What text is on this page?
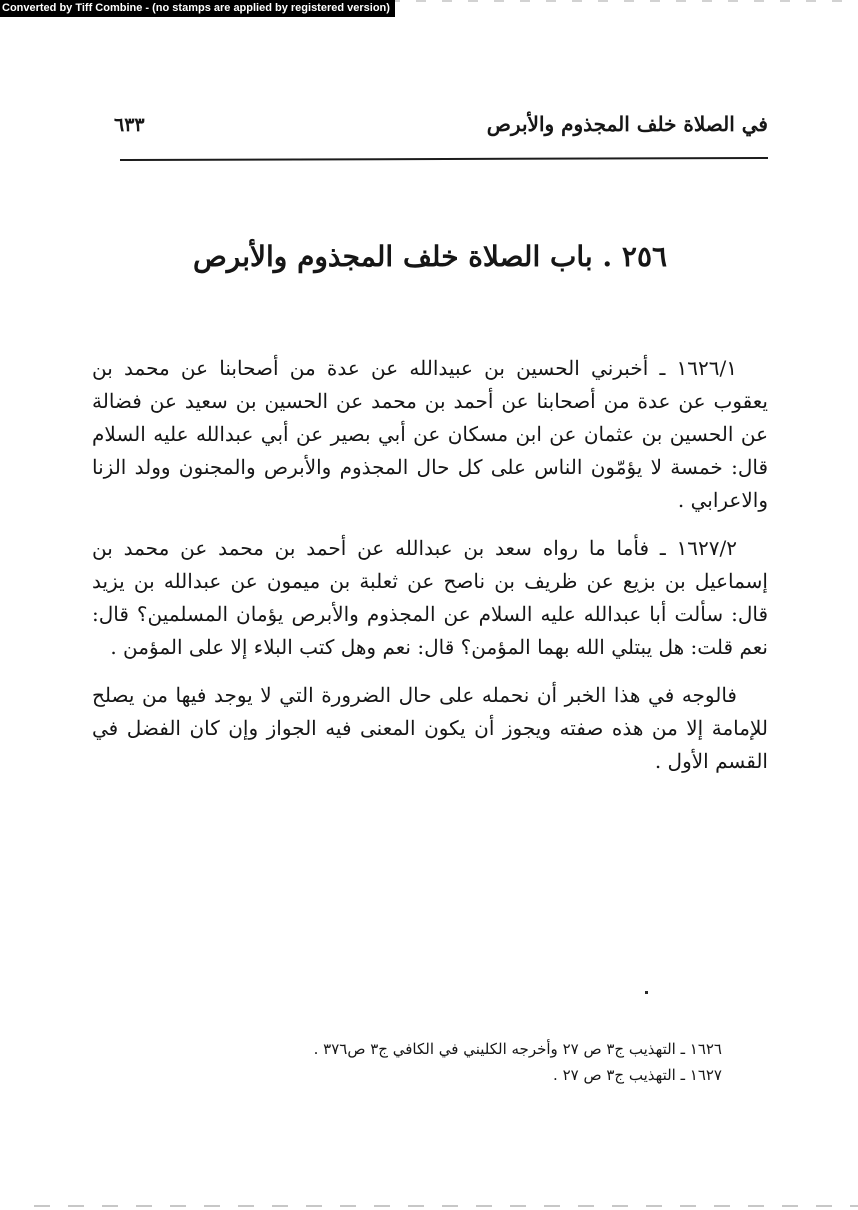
Converted by Tiff Combine - (no stamps are applied by registered version)
في الصلاة خلف المجذوم والأبرص
٦٣٣
٢٥٦ . باب الصلاة خلف المجذوم والأبرص

١٦٢٦/١ ـ أخبرني الحسين بن عبيدالله عن عدة من أصحابنا عن محمد بن يعقوب عن عدة من أصحابنا عن أحمد بن محمد عن الحسين بن سعيد عن فضالة عن الحسين بن عثمان عن ابن مسكان عن أبي بصير عن أبي عبدالله عليه السلام قال: خمسة لا يؤمّون الناس على كل حال المجذوم والأبرص والمجنون وولد الزنا والاعرابي .

١٦٢٧/٢ ـ فأما ما رواه سعد بن عبدالله عن أحمد بن محمد عن محمد بن إسماعيل بن بزيع عن ظريف بن ناصح عن ثعلبة بن ميمون عن عبدالله بن يزيد قال: سألت أبا عبدالله عليه السلام عن المجذوم والأبرص يؤمان المسلمين؟ قال: نعم قلت: هل يبتلي الله بهما المؤمن؟ قال: نعم وهل كتب البلاء إلا على المؤمن .

فالوجه في هذا الخبر أن نحمله على حال الضرورة التي لا يوجد فيها من يصلح للإمامة إلا من هذه صفته ويجوز أن يكون المعنى فيه الجواز وإن كان الفضل في القسم الأول .

١٦٢٦ ـ التهذيب ج٣ ص ٢٧ وأخرجه الكليني في الكافي ج٣ ص٣٧٦ .
١٦٢٧ ـ التهذيب ج٣ ص ٢٧ .
